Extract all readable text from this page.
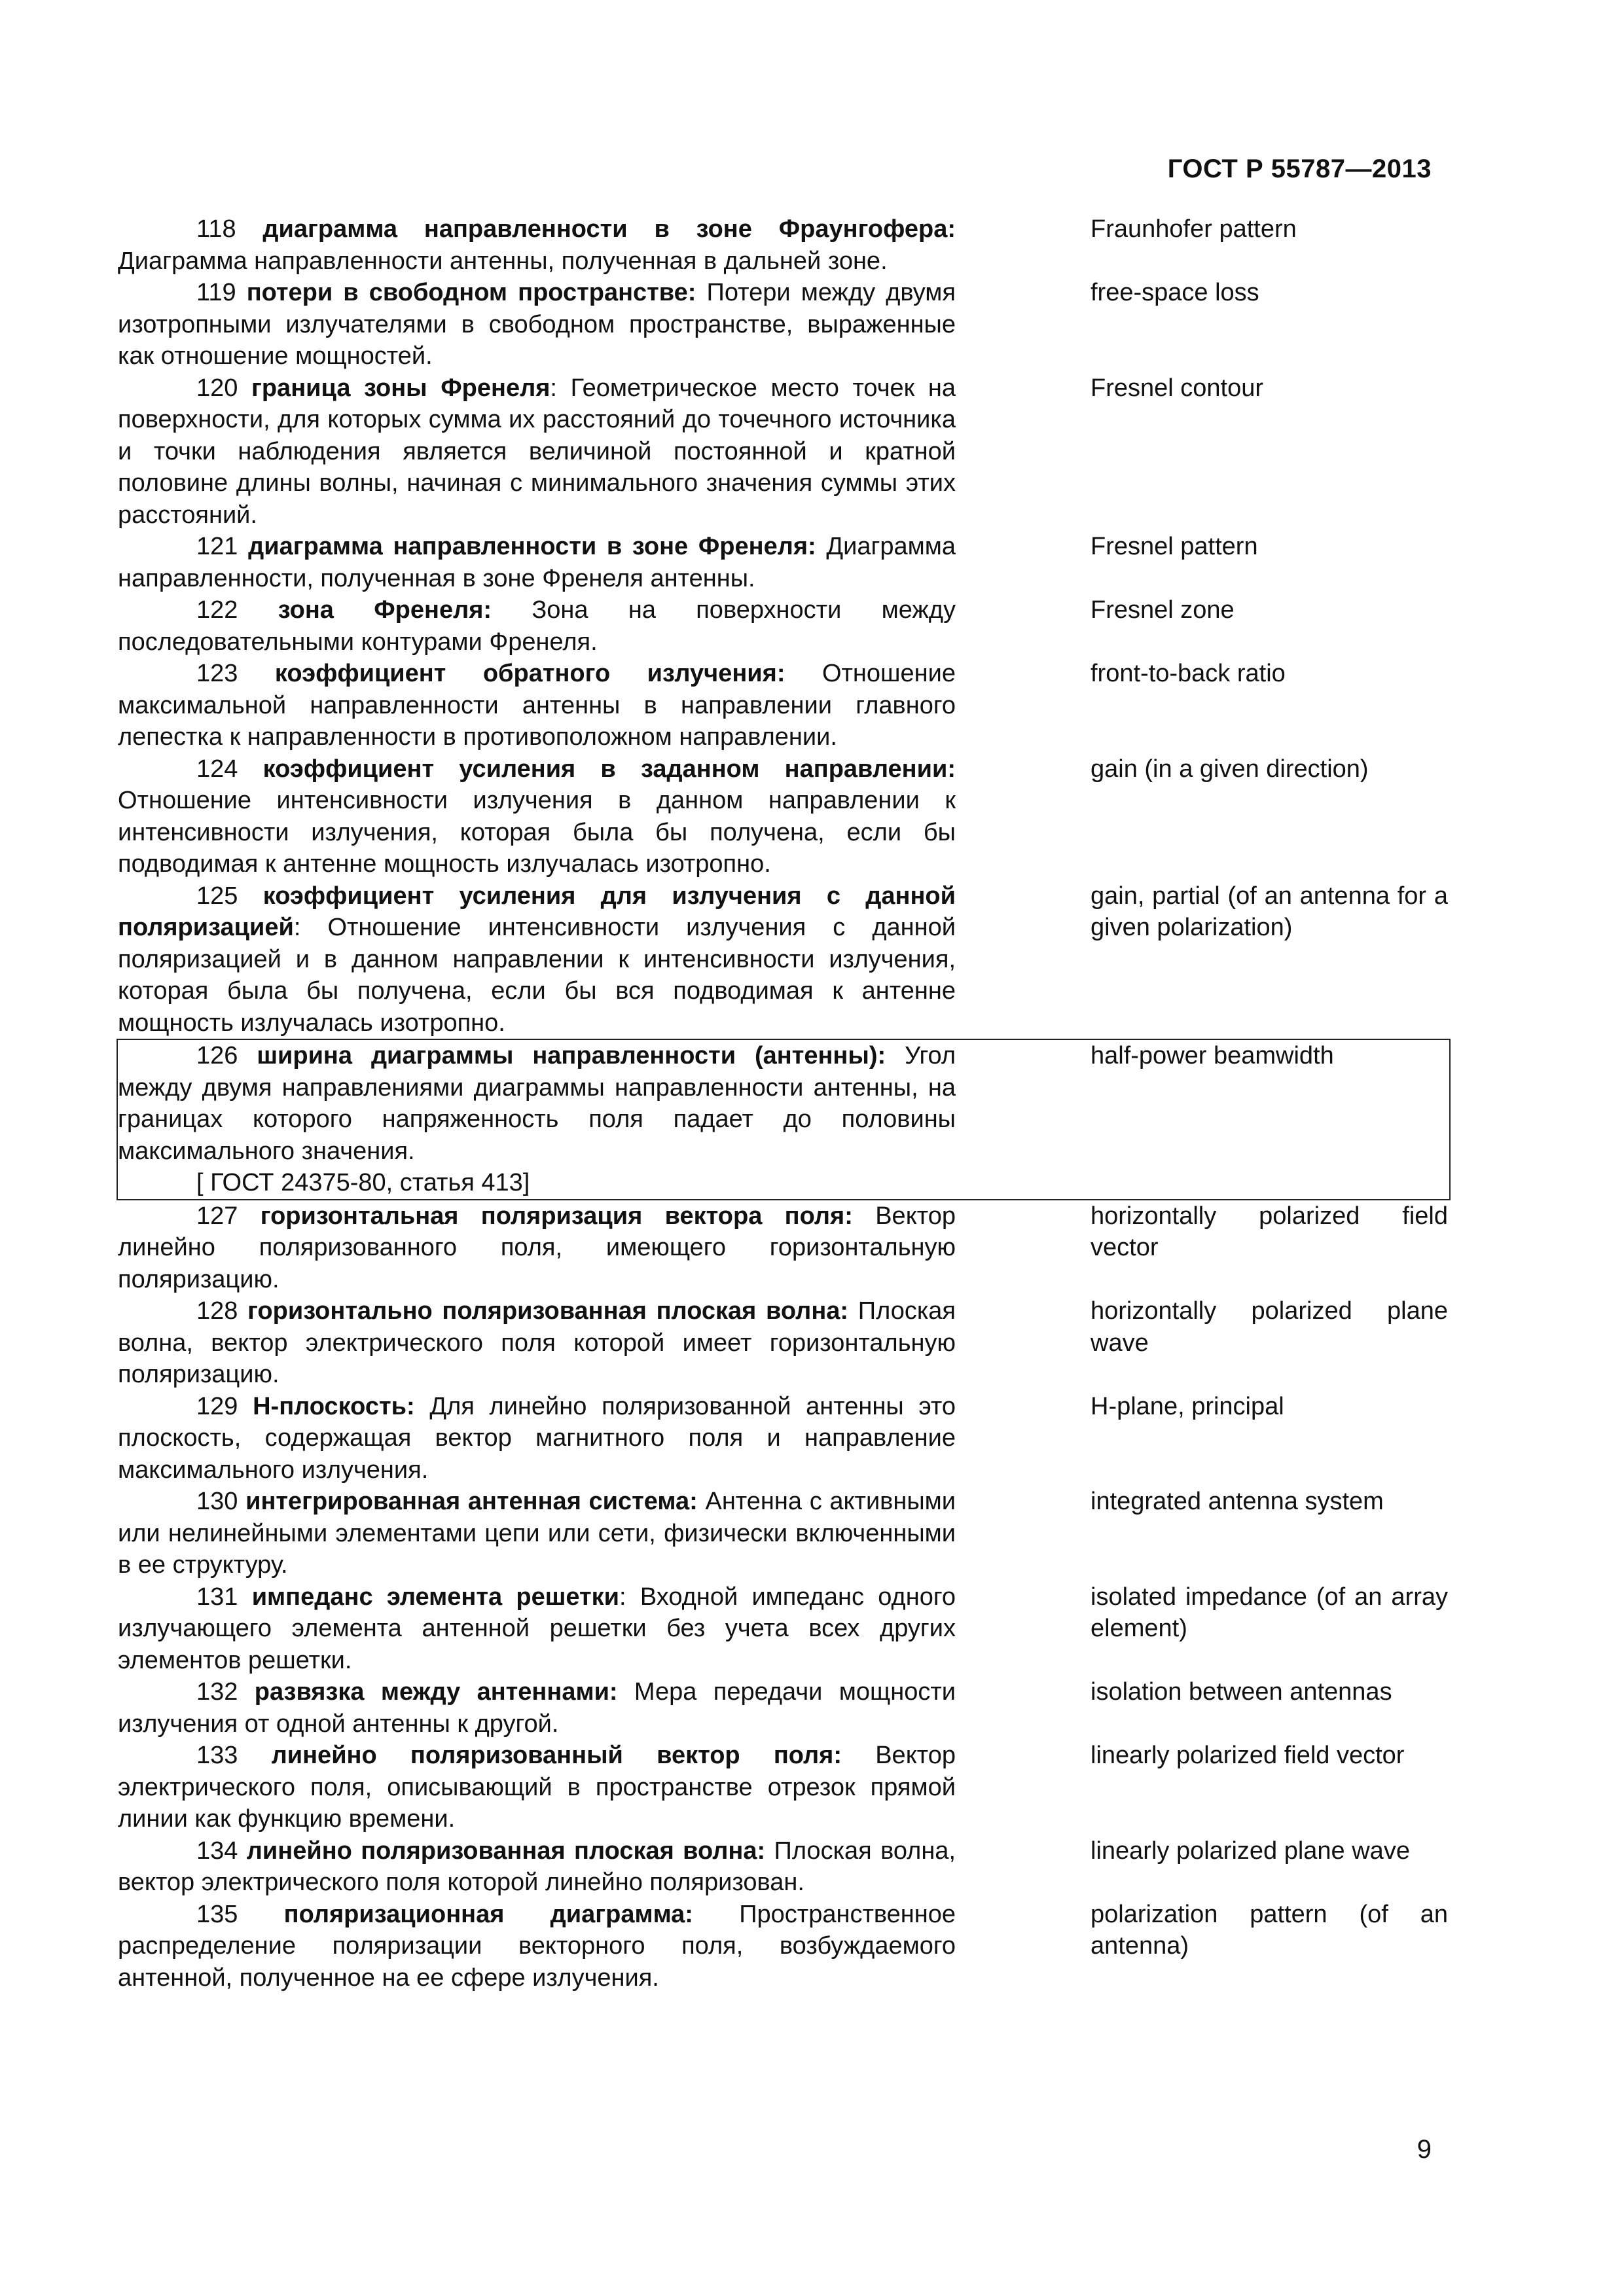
ГОСТ Р 55787—2013
118 диаграмма направленности в зоне Фраунгофера: Диаграмма направленности антенны, полученная в дальней зоне.
Fraunhofer pattern
119 потери в свободном пространстве: Потери между двумя изотропными излучателями в свободном пространстве, выраженные как отношение мощностей.
free-space loss
120 граница зоны Френеля: Геометрическое место точек на поверхности, для которых сумма их расстояний до точечного источника и точки наблюдения является величиной постоянной и кратной половине длины волны, начиная с минимального значения суммы этих расстояний.
Fresnel contour
121 диаграмма направленности в зоне Френеля: Диаграмма направленности, полученная в зоне Френеля антенны.
Fresnel pattern
122 зона Френеля: Зона на поверхности между последовательными контурами Френеля.
Fresnel zone
123 коэффициент обратного излучения: Отношение максимальной направленности антенны в направлении главного лепестка к направленности в противоположном направлении.
front-to-back ratio
124 коэффициент усиления в заданном направлении: Отношение интенсивности излучения в данном направлении к интенсивности излучения, которая была бы получена, если бы подводимая к антенне мощность излучалась изотропно.
gain (in a given direction)
125 коэффициент усиления для излучения с данной поляризацией: Отношение интенсивности излучения с данной поляризацией и в данном направлении к интенсивности излучения, которая была бы получена, если бы вся подводимая к антенне мощность излучалась изотропно.
gain, partial (of an antenna for a given polarization)
126 ширина диаграммы направленности (антенны): Угол между двумя направлениями диаграммы направленности антенны, на границах которого напряженность поля падает до половины максимального значения.
half-power beamwidth
[ ГОСТ 24375-80, статья 413]
127 горизонтальная поляризация вектора поля: Вектор линейно поляризованного поля, имеющего горизонтальную поляризацию.
horizontally polarized field vector
128 горизонтально поляризованная плоская волна: Плоская волна, вектор электрического поля которой имеет горизонтальную поляризацию.
horizontally polarized plane wave
129 Н-плоскость: Для линейно поляризованной антенны это плоскость, содержащая вектор магнитного поля и направление максимального излучения.
H-plane, principal
130 интегрированная антенная система: Антенна с активными или нелинейными элементами цепи или сети, физически включенными в ее структуру.
integrated antenna system
131 импеданс элемента решетки: Входной импеданс одного излучающего элемента антенной решетки без учета всех других элементов решетки.
isolated impedance (of an array element)
132 развязка между антеннами: Мера передачи мощности излучения от одной антенны к другой.
isolation between antennas
133 линейно поляризованный вектор поля: Вектор электрического поля, описывающий в пространстве отрезок прямой линии как функцию времени.
linearly polarized field vector
134 линейно поляризованная плоская волна: Плоская волна, вектор электрического поля которой линейно поляризован.
linearly polarized plane wave
135 поляризационная диаграмма: Пространственное распределение поляризации векторного поля, возбуждаемого антенной, полученное на ее сфере излучения.
polarization pattern (of an antenna)
9
